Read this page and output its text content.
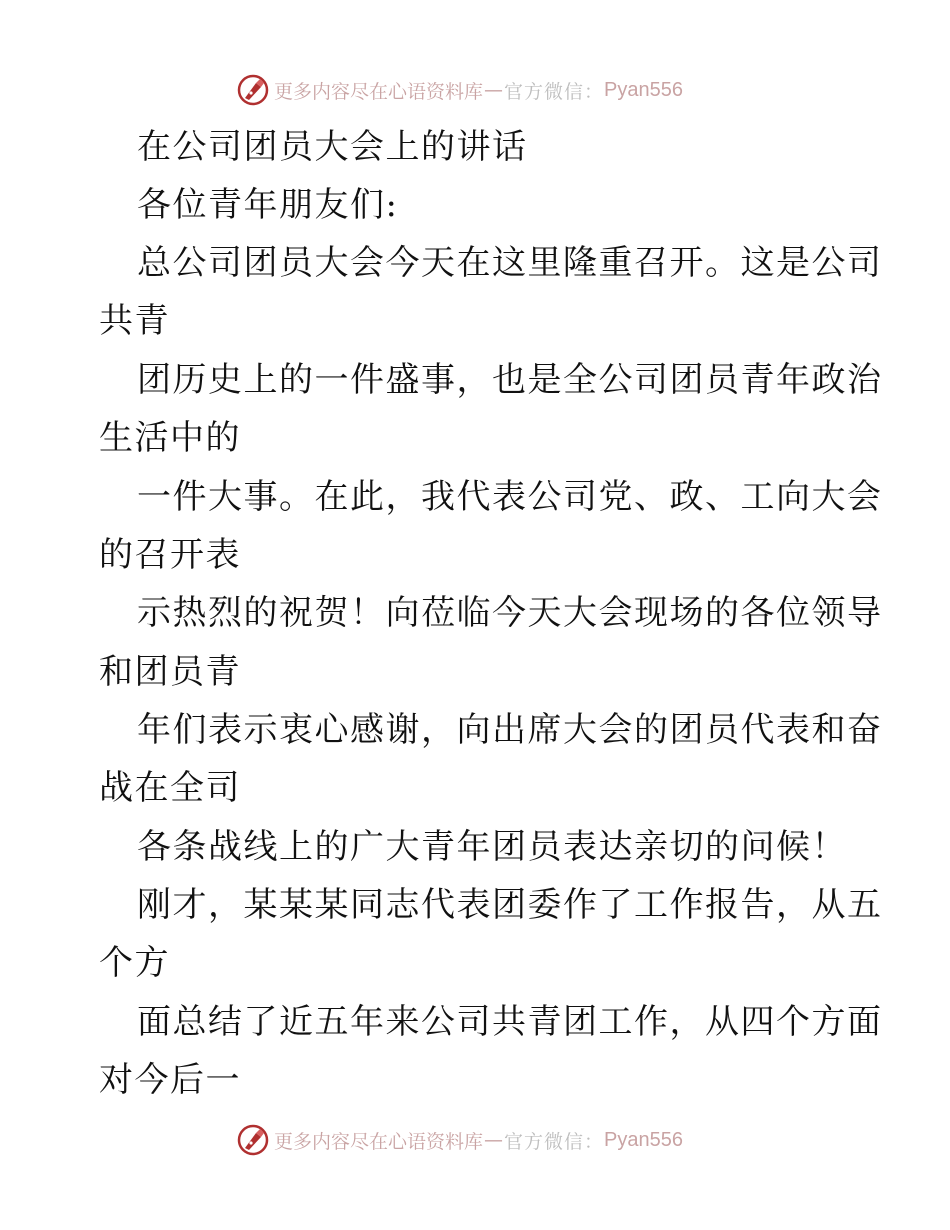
更多内容尽在心语资料库 — 官方微信： Pyan556
在公司团员大会上的讲话
各位青年朋友们:
总公司团员大会今天在这里隆重召开。这是公司
共青
团历史上的一件盛事，也是全公司团员青年政治
生活中的
一件大事。在此，我代表公司党、政、工向大会
的召开表
示热烈的祝贺！向莅临今天大会现场的各位领导
和团员青
年们表示衷心感谢，向出席大会的团员代表和奋
战在全司
各条战线上的广大青年团员表达亲切的问候！
刚才，某某某同志代表团委作了工作报告，从五
个方
面总结了近五年来公司共青团工作，从四个方面
对今后一
更多内容尽在心语资料库 — 官方微信： Pyan556
